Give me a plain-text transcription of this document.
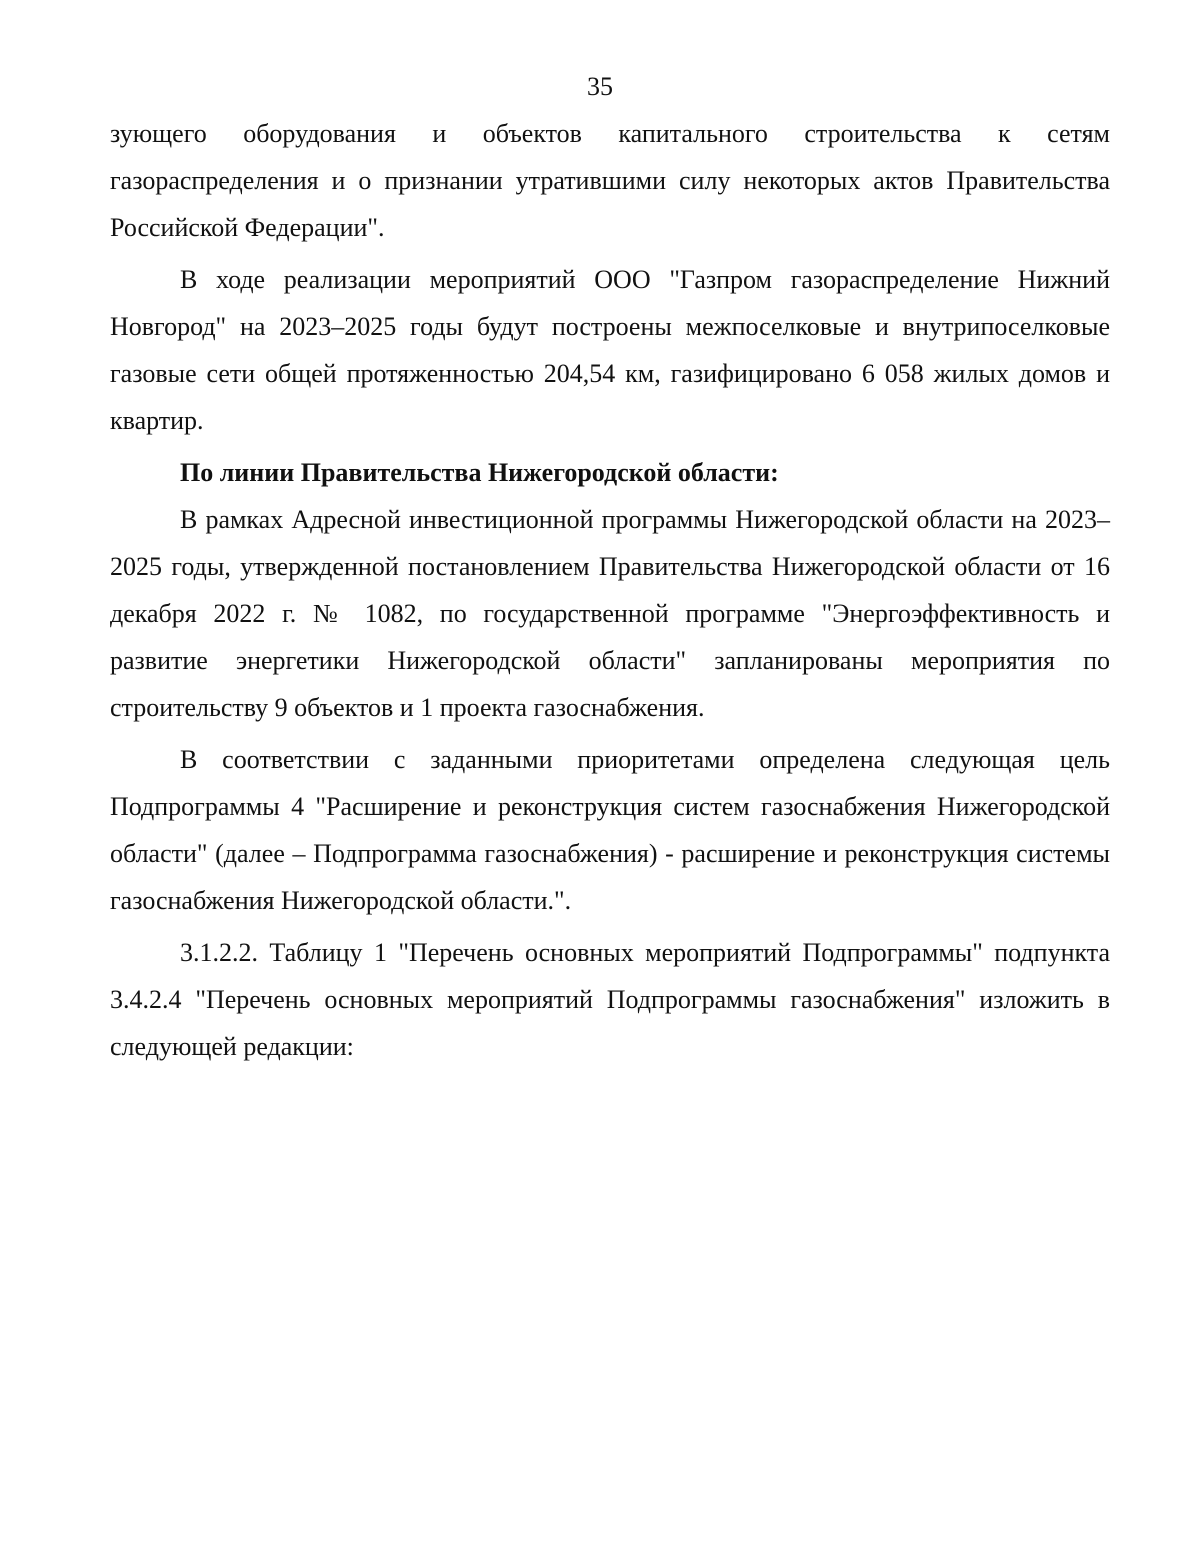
35

зующего оборудования и объектов капитального строительства к сетям газораспределения и о признании утратившими силу некоторых актов Правительства Российской Федерации".

В ходе реализации мероприятий ООО "Газпром газораспределение Нижний Новгород" на 2023–2025 годы будут построены межпоселковые и внутрипоселковые газовые сети общей протяженностью 204,54 км, газифицировано 6 058 жилых домов и квартир.

По линии Правительства Нижегородской области:

В рамках Адресной инвестиционной программы Нижегородской области на 2023–2025 годы, утвержденной постановлением Правительства Нижегородской области от 16 декабря 2022 г. № 1082, по государственной программе "Энергоэффективность и развитие энергетики Нижегородской области" запланированы мероприятия по строительству 9 объектов и 1 проекта газоснабжения.

В соответствии с заданными приоритетами определена следующая цель Подпрограммы 4 "Расширение и реконструкция систем газоснабжения Нижегородской области" (далее – Подпрограмма газоснабжения) - расширение и реконструкция системы газоснабжения Нижегородской области.".

3.1.2.2. Таблицу 1 "Перечень основных мероприятий Подпрограммы" подпункта 3.4.2.4 "Перечень основных мероприятий Подпрограммы газоснабжения" изложить в следующей редакции:
